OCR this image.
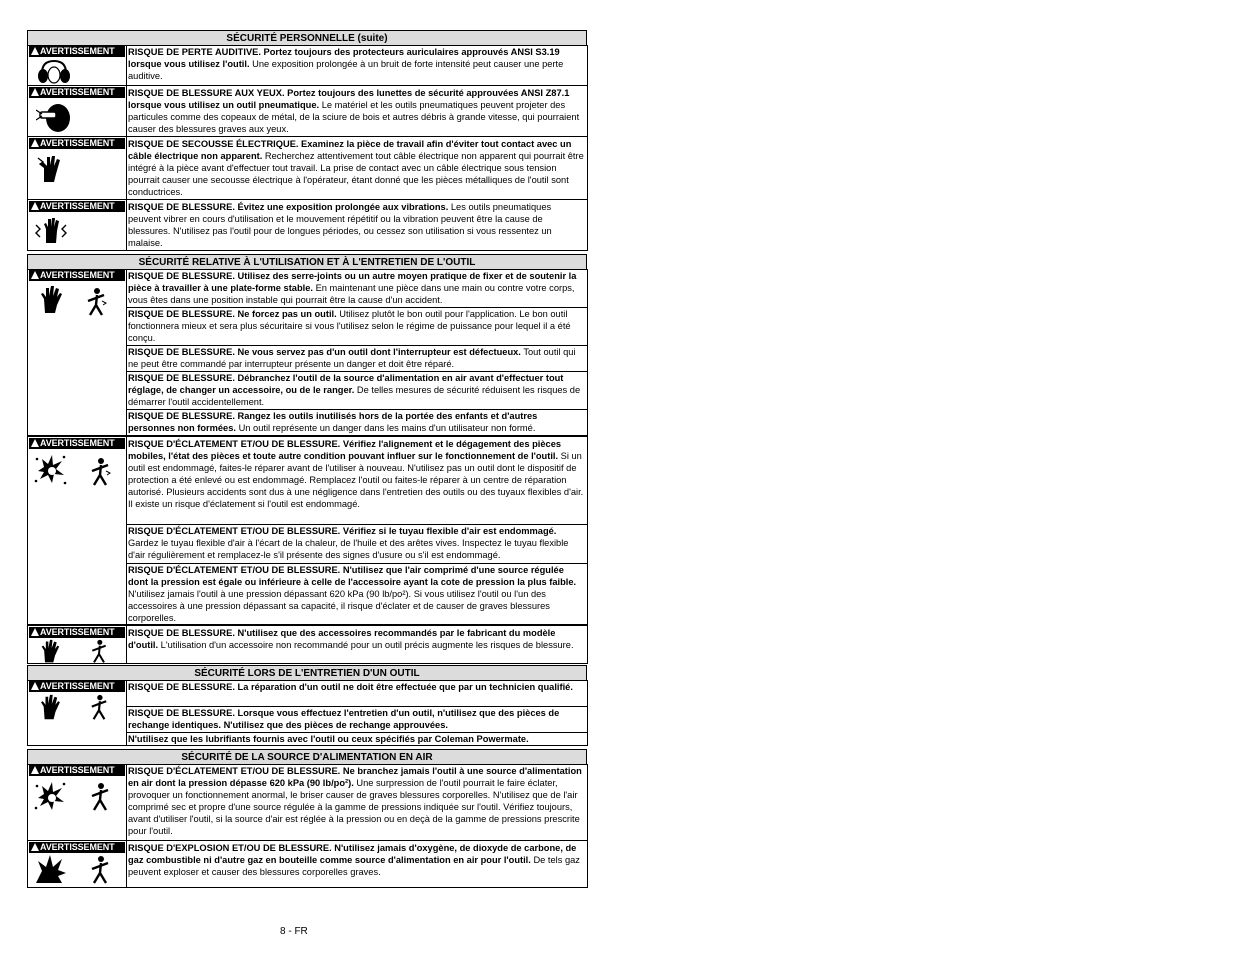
SÉCURITÉ PERSONNELLE (suite)
AVERTISSEMENT	RISQUE DE PERTE AUDITIVE. Portez toujours des protecteurs auriculaires approuvés ANSI S3.19 lorsque vous utilisez l'outil. Une exposition prolongée à un bruit de forte intensité peut causer une perte auditive.
AVERTISSEMENT	RISQUE DE BLESSURE AUX YEUX. Portez toujours des lunettes de sécurité approuvées ANSI Z87.1 lorsque vous utilisez un outil pneumatique. Le matériel et les outils pneumatiques peuvent projeter des particules comme des copeaux de métal, de la sciure de bois et autres débris à grande vitesse, qui pourraient causer des blessures graves aux yeux.
AVERTISSEMENT	RISQUE DE SECOUSSE ÉLECTRIQUE. Examinez la pièce de travail afin d'éviter tout contact avec un câble électrique non apparent. Recherchez attentivement tout câble électrique non apparent qui pourrait être intégré à la pièce avant d'effectuer tout travail. La prise de contact avec un câble électrique sous tension pourrait causer une secousse électrique à l'opérateur, étant donné que les pièces métalliques de l'outil sont conductrices.
AVERTISSEMENT	RISQUE DE BLESSURE. Évitez une exposition prolongée aux vibrations. Les outils pneumatiques peuvent vibrer en cours d'utilisation et le mouvement répétitif ou la vibration peuvent être la cause de blessures. N'utilisez pas l'outil pour de longues périodes, ou cessez son utilisation si vous ressentez un malaise.
SÉCURITÉ RELATIVE À L'UTILISATION ET À L'ENTRETIEN DE L'OUTIL
AVERTISSEMENT	RISQUE DE BLESSURE. Utilisez des serre-joints ou un autre moyen pratique de fixer et de soutenir la pièce à travailler à une plate-forme stable. En maintenant une pièce dans une main ou contre votre corps, vous êtes dans une position instable qui pourrait être la cause d'un accident.
RISQUE DE BLESSURE. Ne forcez pas un outil. Utilisez plutôt le bon outil pour l'application. Le bon outil fonctionnera mieux et sera plus sécuritaire si vous l'utilisez selon le régime de puissance pour lequel il a été conçu.
RISQUE DE BLESSURE. Ne vous servez pas d'un outil dont l'interrupteur est défectueux. Tout outil qui ne peut être commandé par interrupteur présente un danger et doit être réparé.
RISQUE DE BLESSURE. Débranchez l'outil de la source d'alimentation en air avant d'effectuer tout réglage, de changer un accessoire, ou de le ranger. De telles mesures de sécurité réduisent les risques de démarrer l'outil accidentellement.
RISQUE DE BLESSURE. Rangez les outils inutilisés hors de la portée des enfants et d'autres personnes non formées. Un outil représente un danger dans les mains d'un utilisateur non formé.
AVERTISSEMENT	RISQUE D'ÉCLATEMENT ET/OU DE BLESSURE. Vérifiez l'alignement et le dégagement des pièces mobiles, l'état des pièces et toute autre condition pouvant influer sur le fonctionnement de l'outil. Si un outil est endommagé, faites-le réparer avant de l'utiliser à nouveau. N'utilisez pas un outil dont le dispositif de protection a été enlevé ou est endommagé. Remplacez l'outil ou faites-le réparer à un centre de réparation autorisé. Plusieurs accidents sont dus à une négligence dans l'entretien des outils ou des tuyaux flexibles d'air. Il existe un risque d'éclatement si l'outil est endommagé.
RISQUE D'ÉCLATEMENT ET/OU DE BLESSURE. Vérifiez si le tuyau flexible d'air est endommagé. Gardez le tuyau flexible d'air à l'écart de la chaleur, de l'huile et des arêtes vives. Inspectez le tuyau flexible d'air régulièrement et remplacez-le s'il présente des signes d'usure ou s'il est endommagé.
RISQUE D'ÉCLATEMENT ET/OU DE BLESSURE. N'utilisez que l'air comprimé d'une source régulée dont la pression est égale ou inférieure à celle de l'accessoire ayant la cote de pression la plus faible. N'utilisez jamais l'outil à une pression dépassant 620 kPa (90 lb/po²). Si vous utilisez l'outil ou l'un des accessoires à une pression dépassant sa capacité, il risque d'éclater et de causer de graves blessures corporelles.
AVERTISSEMENT	RISQUE DE BLESSURE. N'utilisez que des accessoires recommandés par le fabricant du modèle d'outil. L'utilisation d'un accessoire non recommandé pour un outil précis augmente les risques de blessure.
SÉCURITÉ LORS DE L'ENTRETIEN D'UN OUTIL
AVERTISSEMENT	RISQUE DE BLESSURE. La réparation d'un outil ne doit être effectuée que par un technicien qualifié.
RISQUE DE BLESSURE. Lorsque vous effectuez l'entretien d'un outil, n'utilisez que des pièces de rechange identiques. N'utilisez que des pièces de rechange approuvées.
N'utilisez que les lubrifiants fournis avec l'outil ou ceux spécifiés par Coleman Powermate.
SÉCURITÉ DE LA SOURCE D'ALIMENTATION EN AIR
AVERTISSEMENT	RISQUE D'ÉCLATEMENT ET/OU DE BLESSURE. Ne branchez jamais l'outil à une source d'alimentation en air dont la pression dépasse 620 kPa (90 lb/po²). Une surpression de l'outil pourrait le faire éclater, provoquer un fonctionnement anormal, le briser causer de graves blessures corporelles. N'utilisez que de l'air comprimé sec et propre d'une source régulée à la gamme de pressions indiquée sur l'outil. Vérifiez toujours, avant d'utiliser l'outil, si la source d'air est réglée à la pression ou en deçà de la gamme de pressions prescrite pour l'outil.
AVERTISSEMENT	RISQUE D'EXPLOSION ET/OU DE BLESSURE. N'utilisez jamais d'oxygène, de dioxyde de carbone, de gaz combustible ni d'autre gaz en bouteille comme source d'alimentation en air pour l'outil. De tels gaz peuvent exploser et causer des blessures corporelles graves.
8 - FR
